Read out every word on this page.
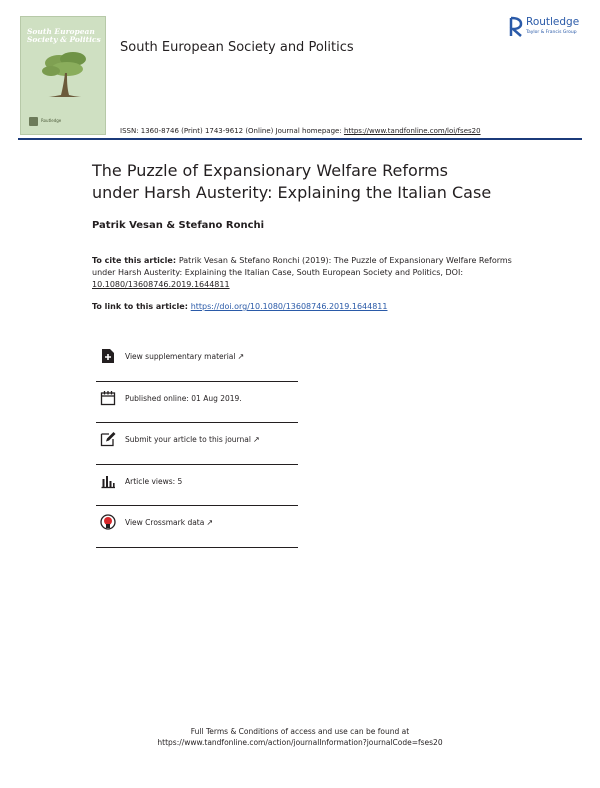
South European
Society & Politics
Routledge
South European Society and Politics
Routledge
Taylor & Francis Group
ISSN: 1360-8746 (Print) 1743-9612 (Online) Journal homepage: https://www.tandfonline.com/loi/fses20
The Puzzle of Expansionary Welfare Reforms
under Harsh Austerity: Explaining the Italian Case
Patrik Vesan & Stefano Ronchi
To cite this article: Patrik Vesan & Stefano Ronchi (2019): The Puzzle of Expansionary Welfare Reforms under Harsh Austerity: Explaining the Italian Case, South European Society and Politics, DOI: 10.1080/13608746.2019.1644811
To link to this article: https://doi.org/10.1080/13608746.2019.1644811
View supplementary material ↗
Published online: 01 Aug 2019.
Submit your article to this journal ↗
Article views: 5
View Crossmark data ↗
Full Terms & Conditions of access and use can be found at
https://www.tandfonline.com/action/journalInformation?journalCode=fses20
